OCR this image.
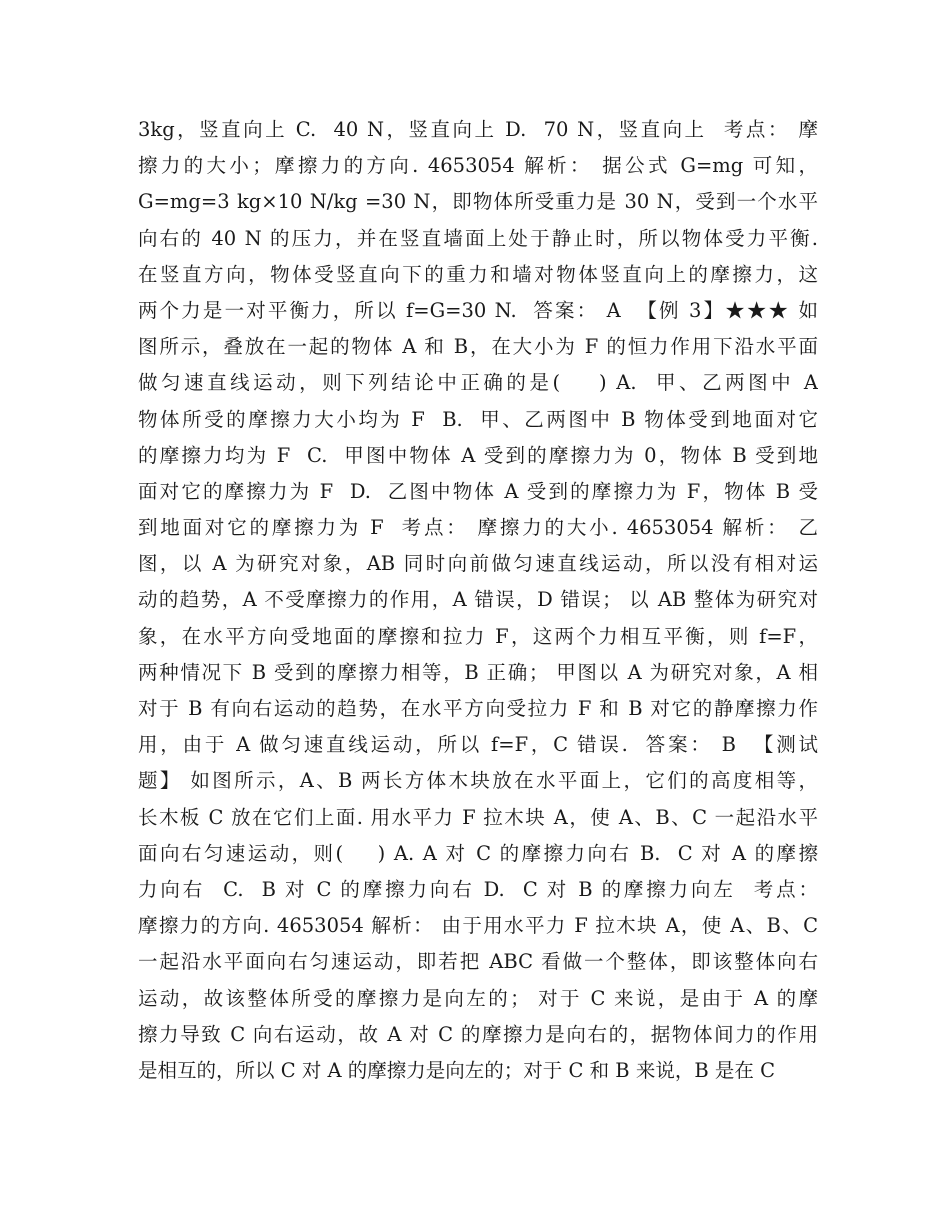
3kg，竖直向上 C.  40 N，竖直向上 D.  70 N，竖直向上  考点： 摩
擦力的大小；摩擦力的方向. 4653054 解析： 据公式 G=mg 可知，
G=mg=3 kg×10 N/kg =30 N，即物体所受重力是 30 N，受到一个水平
向右的 40 N 的压力，并在竖直墙面上处于静止时，所以物体受力平衡.
在竖直方向，物体受竖直向下的重力和墙对物体竖直向上的摩擦力，这
两个力是一对平衡力，所以 f=G=30 N.  答案： A  【例 3】★★★ 如
图所示，叠放在一起的物体 A 和 B，在大小为 F 的恒力作用下沿水平面
做匀速直线运动，则下列结论中正确的是(    ) A.  甲、乙两图中 A
物体所受的摩擦力大小均为 F  B.  甲、乙两图中 B 物体受到地面对它
的摩擦力均为 F  C.  甲图中物体 A 受到的摩擦力为 0，物体 B 受到地
面对它的摩擦力为 F  D.  乙图中物体 A 受到的摩擦力为 F，物体 B 受
到地面对它的摩擦力为 F  考点： 摩擦力的大小. 4653054 解析： 乙
图，以 A 为研究对象，AB 同时向前做匀速直线运动，所以没有相对运
动的趋势，A 不受摩擦力的作用，A 错误，D 错误； 以 AB 整体为研究对
象，在水平方向受地面的摩擦和拉力 F，这两个力相互平衡，则 f=F，
两种情况下 B 受到的摩擦力相等，B 正确； 甲图以 A 为研究对象，A 相
对于 B 有向右运动的趋势，在水平方向受拉力 F 和 B 对它的静摩擦力作
用，由于 A 做匀速直线运动，所以 f=F，C 错误.  答案： B  【测试
题】 如图所示，A、B 两长方体木块放在水平面上，它们的高度相等，
长木板 C 放在它们上面. 用水平力 F 拉木块 A，使 A、B、C 一起沿水平
面向右匀速运动，则(    ) A. A 对 C 的摩擦力向右 B.  C 对 A 的摩擦
力向右  C.  B 对 C 的摩擦力向右 D.  C 对 B 的摩擦力向左  考点：
摩擦力的方向. 4653054 解析： 由于用水平力 F 拉木块 A，使 A、B、C
一起沿水平面向右匀速运动，即若把 ABC 看做一个整体，即该整体向右
运动，故该整体所受的摩擦力是向左的； 对于 C 来说，是由于 A 的摩
擦力导致 C 向右运动，故 A 对 C 的摩擦力是向右的，据物体间力的作用
是相互的，所以 C 对 A 的摩擦力是向左的；对于 C 和 B 来说，B 是在 C
